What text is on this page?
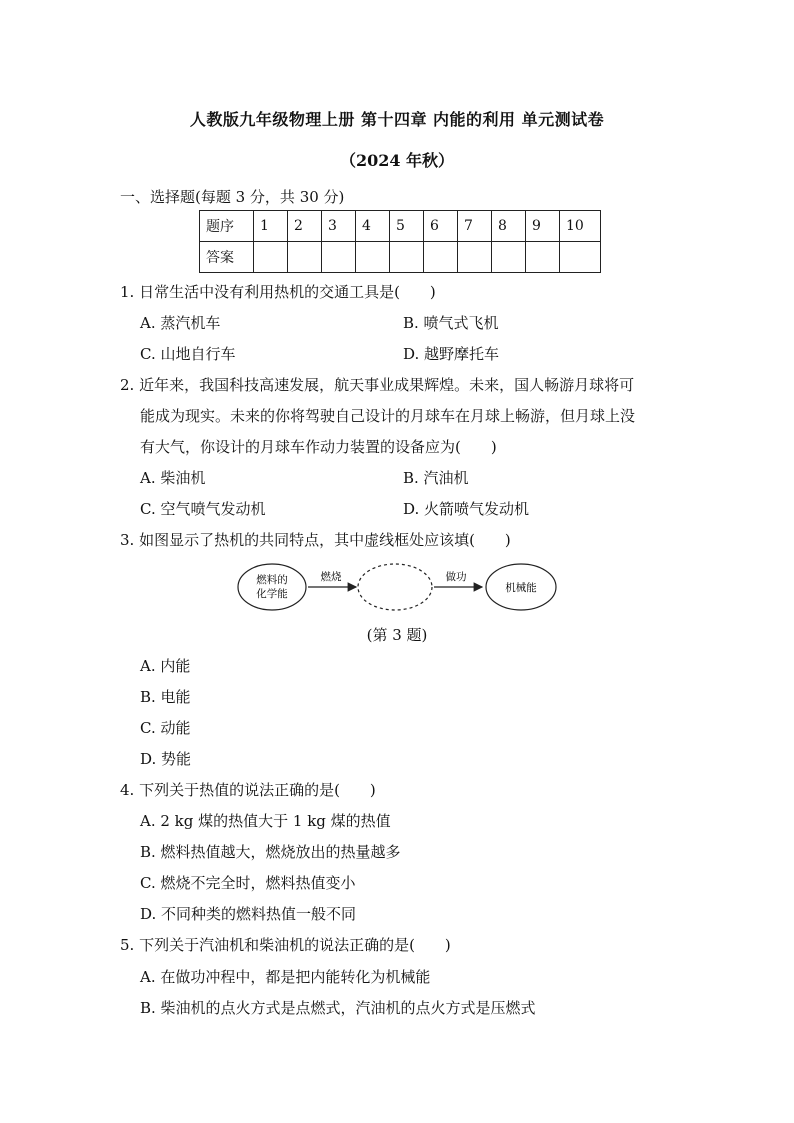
人教版九年级物理上册 第十四章 内能的利用 单元测试卷
（2024 年秋）
一、选择题(每题 3 分，共 30 分)
题序	1	2	3	4	5	6	7	8	9	10
答案										
1. 日常生活中没有利用热机的交通工具是(　　)
A. 蒸汽机车	B. 喷气式飞机
C. 山地自行车	D. 越野摩托车
2. 近年来，我国科技高速发展，航天事业成果辉煌。未来，国人畅游月球将可
能成为现实。未来的你将驾驶自己设计的月球车在月球上畅游，但月球上没
有大气，你设计的月球车作动力装置的设备应为(　　)
A. 柴油机	B. 汽油机
C. 空气喷气发动机	D. 火箭喷气发动机
3. 如图显示了热机的共同特点，其中虚线框处应该填(　　)
燃料的
化学能
燃烧	做功
机械能
(第 3 题)
A. 内能
B. 电能
C. 动能
D. 势能
4. 下列关于热值的说法正确的是(　　)
A. 2 kg 煤的热值大于 1 kg 煤的热值
B. 燃料热值越大，燃烧放出的热量越多
C. 燃烧不完全时，燃料热值变小
D. 不同种类的燃料热值一般不同
5. 下列关于汽油机和柴油机的说法正确的是(　　)
A. 在做功冲程中，都是把内能转化为机械能
B. 柴油机的点火方式是点燃式，汽油机的点火方式是压燃式
